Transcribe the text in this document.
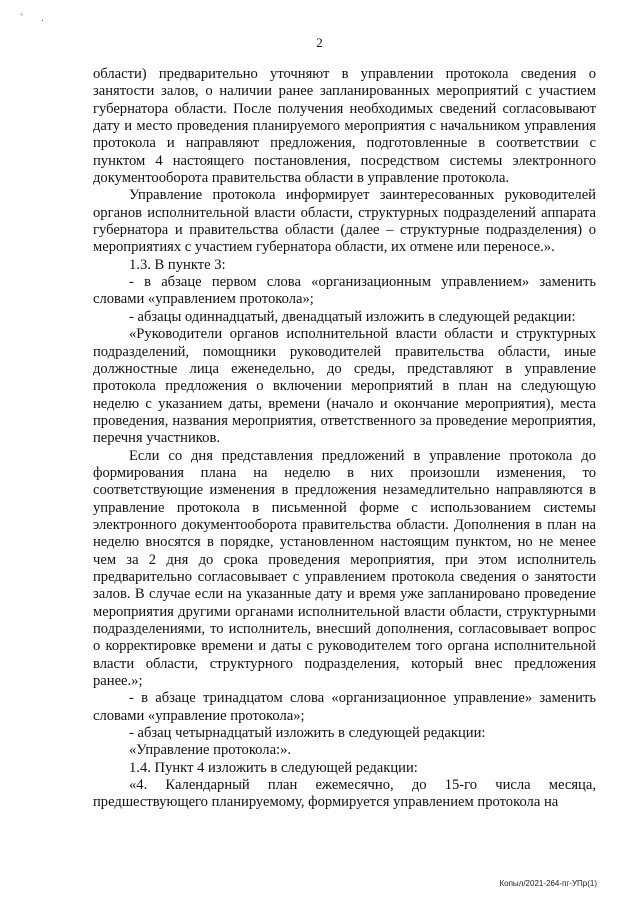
` .
2

области) предварительно уточняют в управлении протокола сведения о занятости залов, о наличии ранее запланированных мероприятий с участием губернатора области. После получения необходимых сведений согласовывают дату и место проведения планируемого мероприятия с начальником управления протокола и направляют предложения, подготовленные в соответствии с пунктом 4 настоящего постановления, посредством системы электронного документооборота правительства области в управление протокола.

Управление протокола информирует заинтересованных руководителей органов исполнительной власти области, структурных подразделений аппарата губернатора и правительства области (далее – структурные подразделения) о мероприятиях с участием губернатора области, их отмене или переносе.».

1.3. В пункте 3:

- в абзаце первом слова «организационным управлением» заменить словами «управлением протокола»;

- абзацы одиннадцатый, двенадцатый изложить в следующей редакции:

«Руководители органов исполнительной власти области и структурных подразделений, помощники руководителей правительства области, иные должностные лица еженедельно, до среды, представляют в управление протокола предложения о включении мероприятий в план на следующую неделю с указанием даты, времени (начало и окончание мероприятия), места проведения, названия мероприятия, ответственного за проведение мероприятия, перечня участников.

Если со дня представления предложений в управление протокола до формирования плана на неделю в них произошли изменения, то соответствующие изменения в предложения незамедлительно направляются в управление протокола в письменной форме с использованием системы электронного документооборота правительства области. Дополнения в план на неделю вносятся в порядке, установленном настоящим пунктом, но не менее чем за 2 дня до срока проведения мероприятия, при этом исполнитель предварительно согласовывает с управлением протокола сведения о занятости залов. В случае если на указанные дату и время уже запланировано проведение мероприятия другими органами исполнительной власти области, структурными подразделениями, то исполнитель, внесший дополнения, согласовывает вопрос о корректировке времени и даты с руководителем того органа исполнительной власти области, структурного подразделения, который внес предложения ранее.»;

- в абзаце тринадцатом слова «организационное управление» заменить словами «управление протокола»;

- абзац четырнадцатый изложить в следующей редакции:

«Управление протокола:».

1.4. Пункт 4 изложить в следующей редакции:

«4. Календарный план ежемесячно, до 15-го числа месяца, предшествующего планируемому, формируется управлением протокола на

Копыл/2021-264-пг-УПр(1)
